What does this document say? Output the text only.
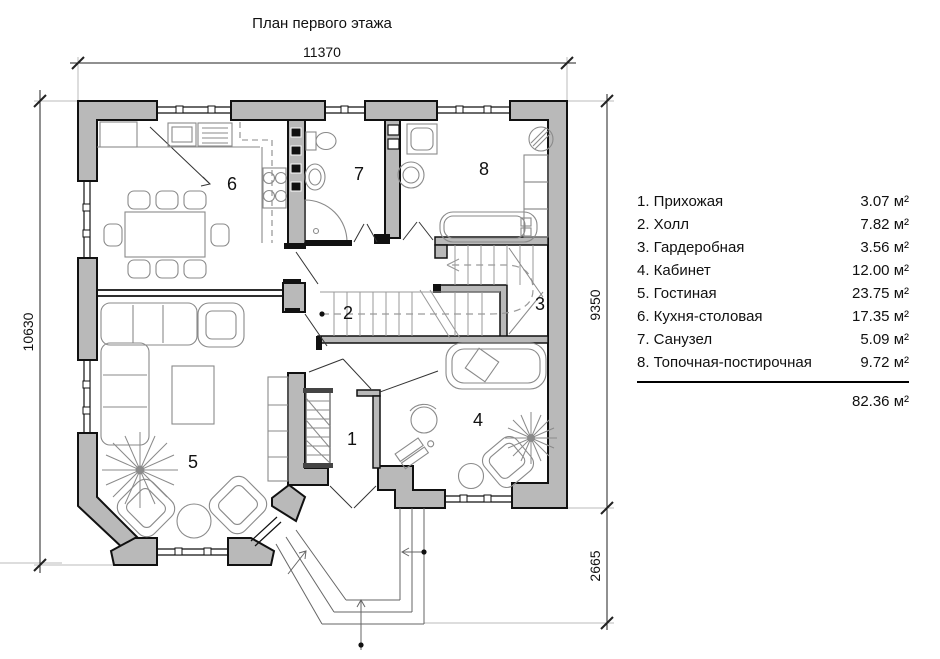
11370
10630
9350
2665
1
2	3
4
5
6	7	8
План первого этажа
1. Прихожая	3.07 м²
2. Холл	7.82 м²
3. Гардеробная	3.56 м²
4. Кабинет	12.00 м²
5. Гостиная	23.75 м²
6. Кухня-столовая	17.35 м²
7. Санузел	5.09 м²
8. Топочная-постирочная	9.72 м²
82.36 м²
